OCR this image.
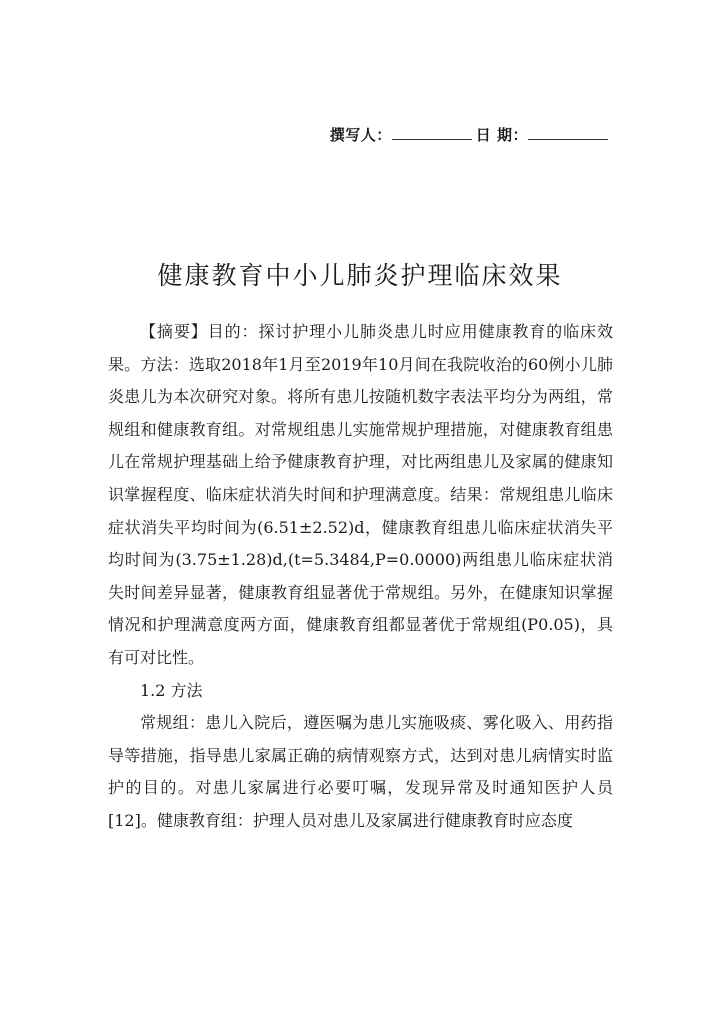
撰写人：	日 期：
健康教育中小儿肺炎护理临床效果

【摘要】目的：探讨护理小儿肺炎患儿时应用健康教育的临床效果。方法：选取2018年1月至2019年10月间在我院收治的60例小儿肺炎患儿为本次研究对象。将所有患儿按随机数字表法平均分为两组，常规组和健康教育组。对常规组患儿实施常规护理措施，对健康教育组患儿在常规护理基础上给予健康教育护理，对比两组患儿及家属的健康知识掌握程度、临床症状消失时间和护理满意度。结果：常规组患儿临床症状消失平均时间为(6.51±2.52)d，健康教育组患儿临床症状消失平均时间为(3.75±1.28)d,(t=5.3484,P=0.0000)两组患儿临床症状消失时间差异显著，健康教育组显著优于常规组。另外，在健康知识掌握情况和护理满意度两方面，健康教育组都显著优于常规组(P0.05)，具有可对比性。

1.2 方法

常规组：患儿入院后，遵医嘱为患儿实施吸痰、雾化吸入、用药指导等措施，指导患儿家属正确的病情观察方式，达到对患儿病情实时监护的目的。对患儿家属进行必要叮嘱，发现异常及时通知医护人员[12]。健康教育组：护理人员对患儿及家属进行健康教育时应态度
